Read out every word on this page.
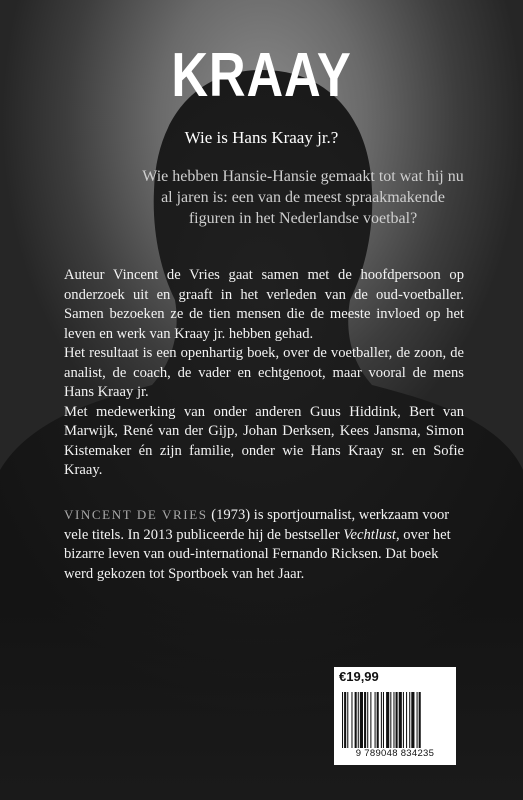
KRAAY
Wie is Hans Kraay jr.?
Wie hebben Hansie-Hansie gemaakt tot wat hij nu al jaren is: een van de meest spraakmakende figuren in het Nederlandse voetbal?

Auteur Vincent de Vries gaat samen met de hoofdpersoon op onderzoek uit en graaft in het verleden van de oud-voetballer. Samen bezoeken ze de tien mensen die de meeste invloed op het leven en werk van Kraay jr. hebben gehad.

Het resultaat is een openhartig boek, over de voetballer, de zoon, de analist, de coach, de vader en echtgenoot, maar vooral de mens Hans Kraay jr.

Met medewerking van onder anderen Guus Hiddink, Bert van Marwijk, René van der Gijp, Johan Derksen, Kees Jansma, Simon Kistemaker én zijn familie, onder wie Hans Kraay sr. en Sofie Kraay.

VINCENT DE VRIES (1973) is sportjournalist, werkzaam voor vele titels. In 2013 publiceerde hij de bestseller Vechtlust, over het bizarre leven van oud-international Fernando Ricksen. Dat boek werd gekozen tot Sportboek van het Jaar.
€19,99
9 789048 834235
